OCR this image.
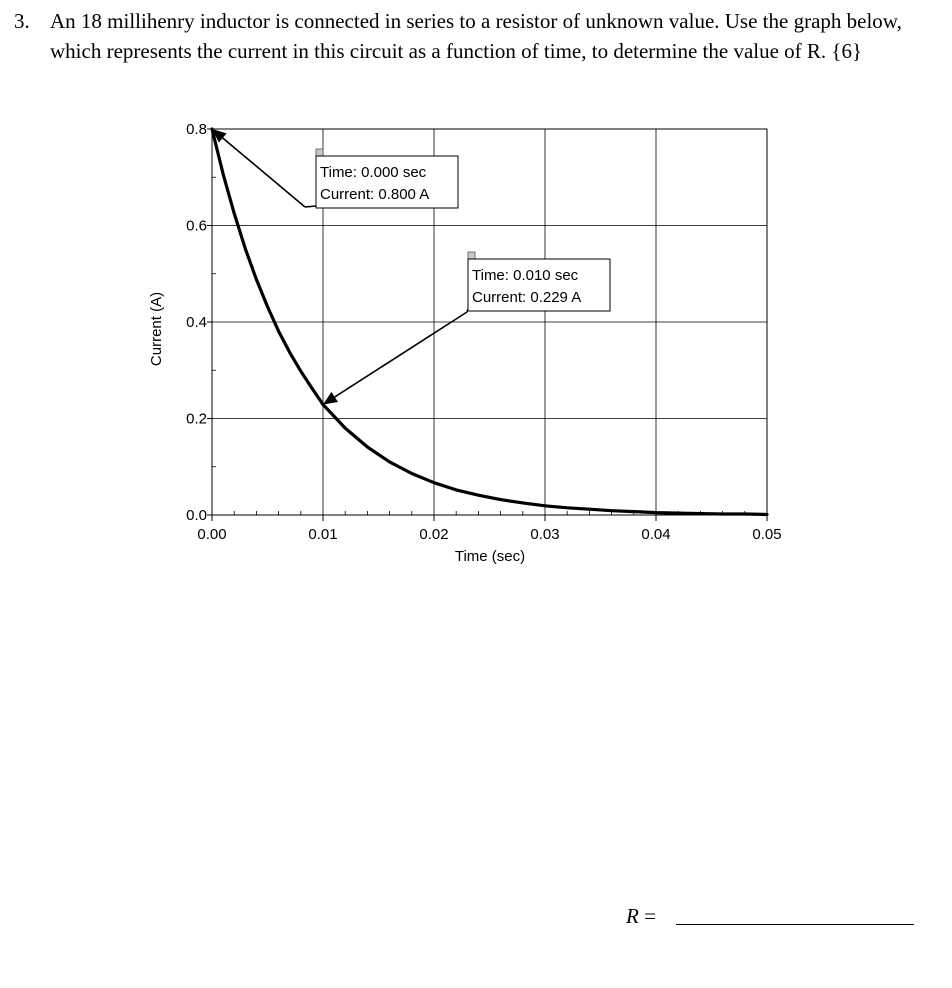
3. An 18 millihenry inductor is connected in series to a resistor of unknown value. Use the graph below, which represents the current in this circuit as a function of time, to determine the value of R. {6}
0.00	0.01	0.02	0.03	0.04	0.05
0.0
0.2
0.4
0.6
0.8
Time (sec)
Current (A)
Time: 0.000 sec
Current: 0.800 A
Time: 0.010 sec
Current: 0.229 A
R =
